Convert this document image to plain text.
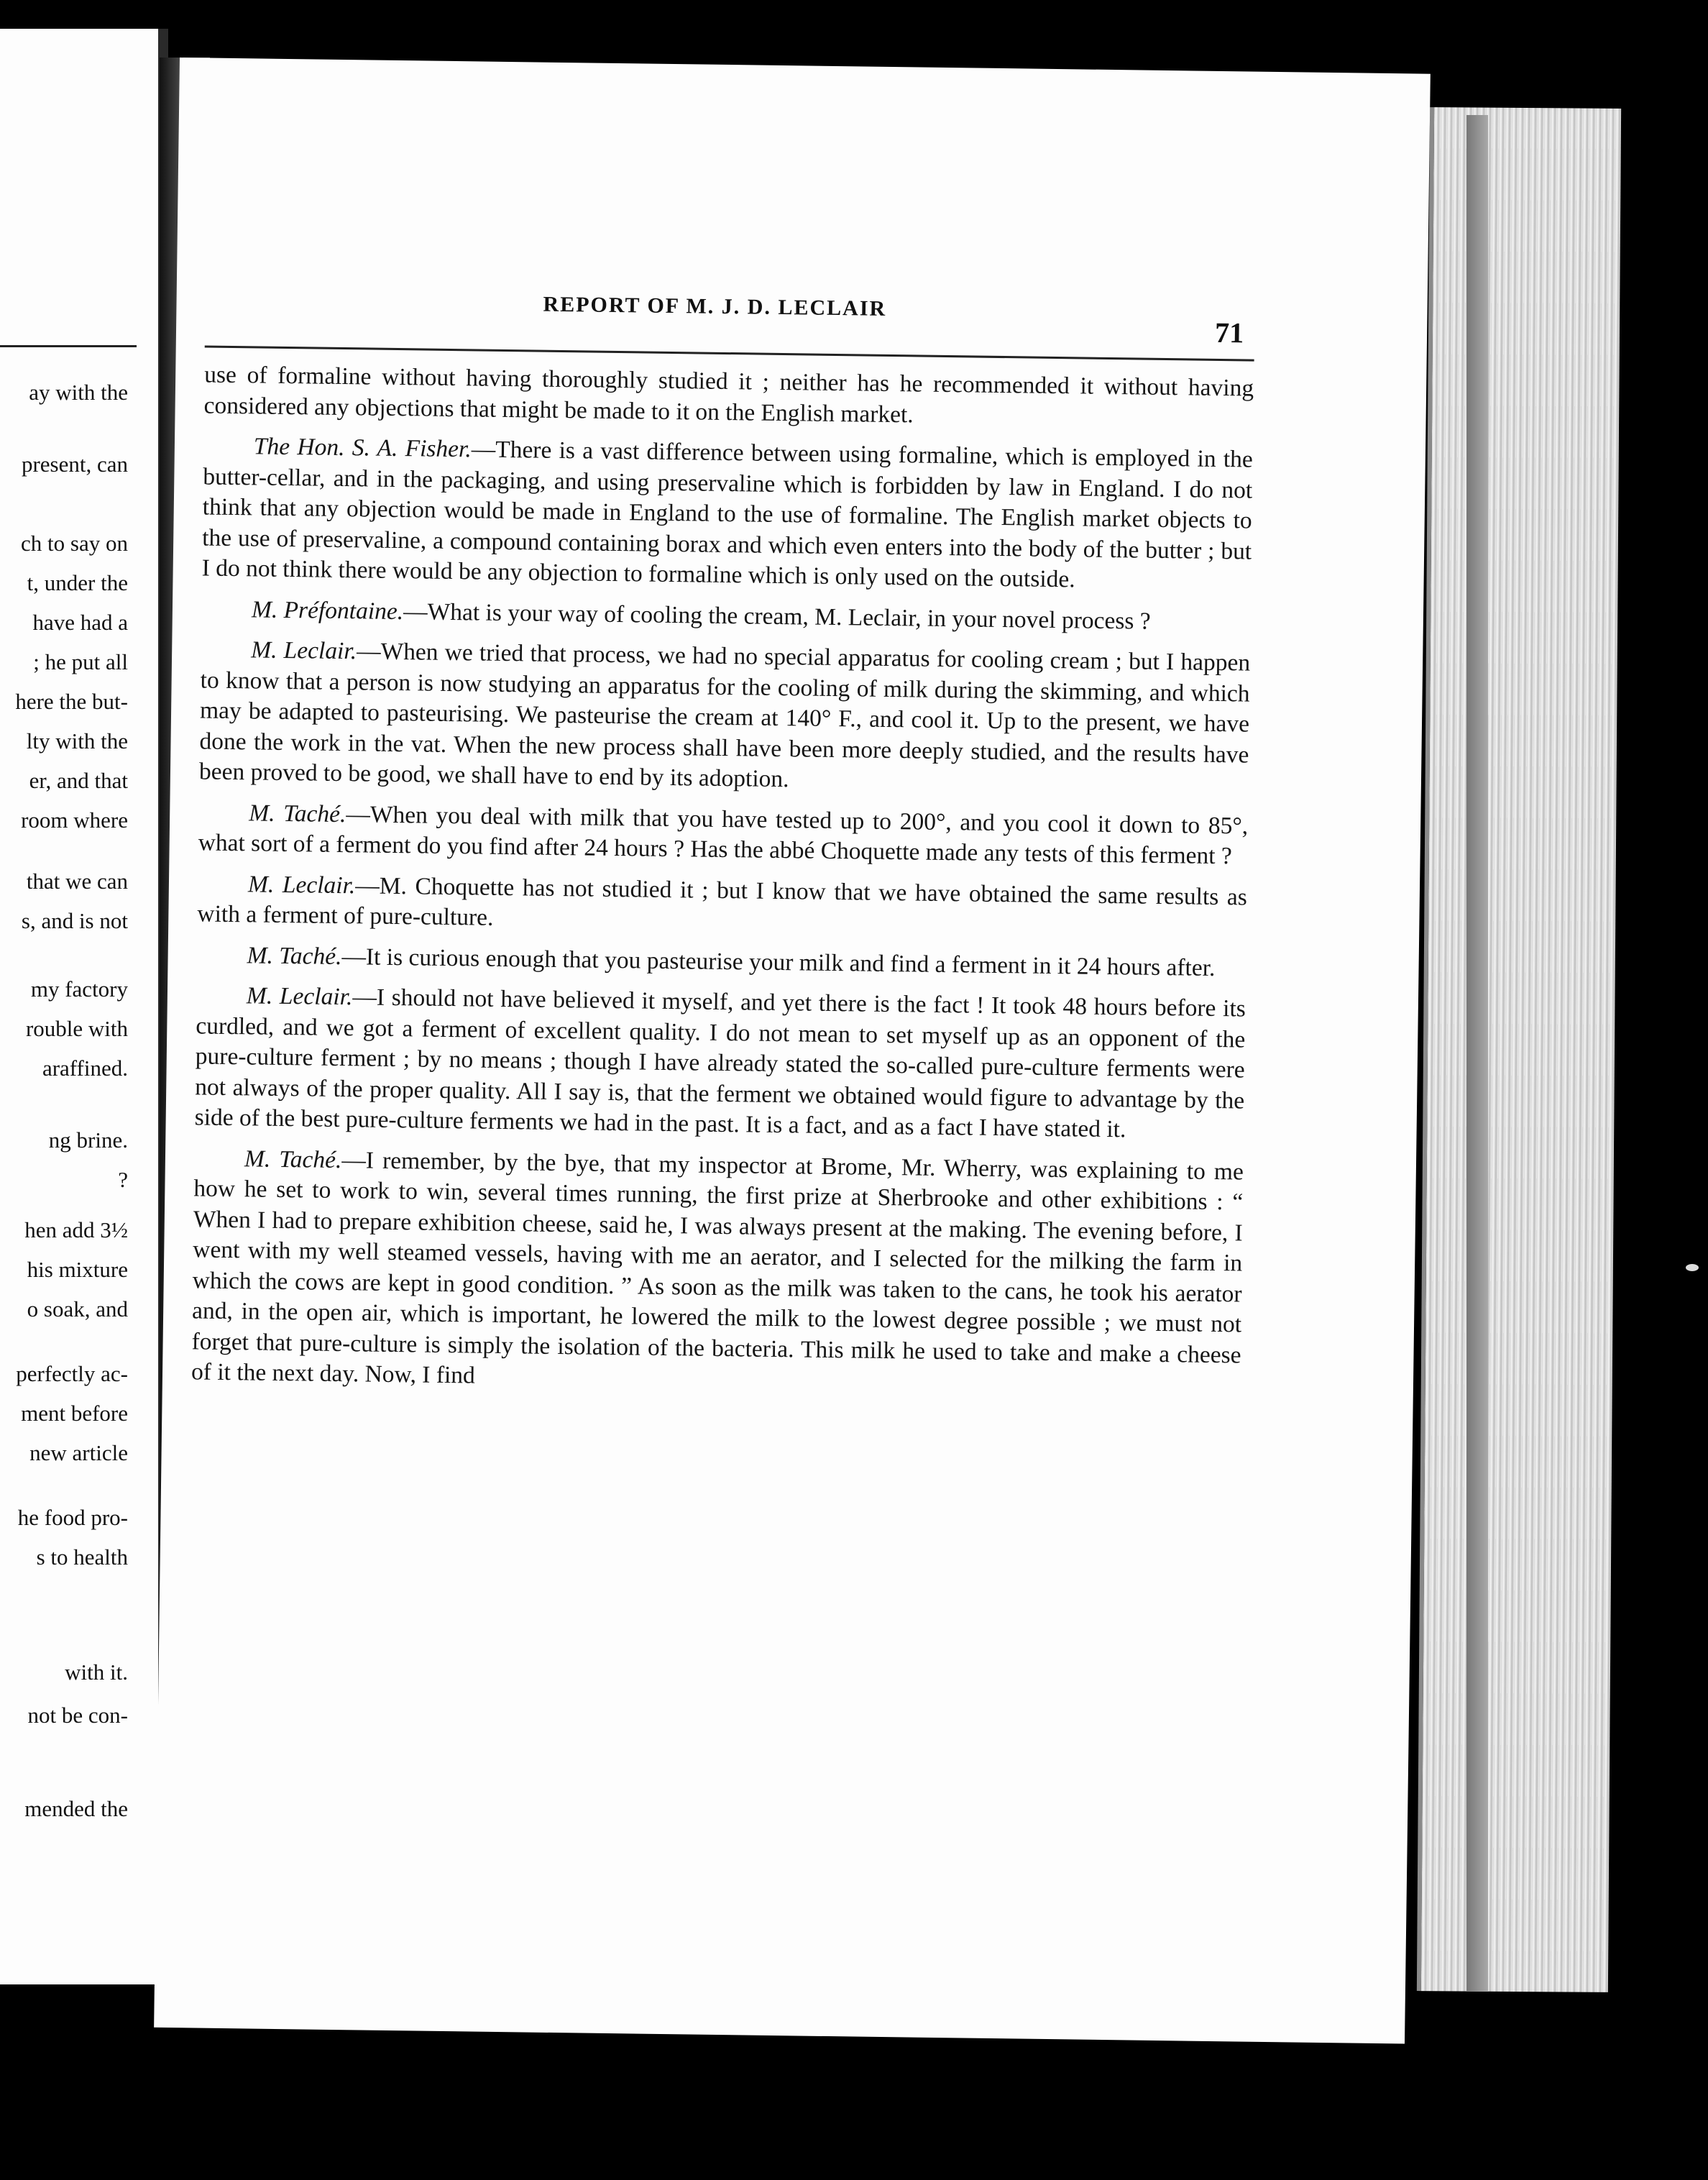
ay with the
present, can
ch to say on
t, under the
have had a
; he put all
here the but-
lty with the
er, and that
room where
that we can
s, and is not
my factory
rouble with
araffined.
ng brine.
?
hen add 3½
his mixture
o soak, and
perfectly ac-
ment before
new article
he food pro-
s to health
with it.
not be con-
mended the
REPORT OF M. J. D. LECLAIR
71

use of formaline without having thoroughly studied it ; neither has he recommended it without having considered any objections that might be made to it on the English market.

The Hon. S. A. Fisher.—There is a vast difference between using formaline, which is employed in the butter-cellar, and in the packaging, and using preservaline which is forbidden by law in England. I do not think that any objection would be made in England to the use of formaline. The English market objects to the use of preservaline, a compound containing borax and which even enters into the body of the butter ; but I do not think there would be any objection to formaline which is only used on the outside.

M. Préfontaine.—What is your way of cooling the cream, M. Leclair, in your novel process ?

M. Leclair.—When we tried that process, we had no special apparatus for cooling cream ; but I happen to know that a person is now studying an apparatus for the cooling of milk during the skimming, and which may be adapted to pasteurising. We pasteurise the cream at 140° F., and cool it. Up to the present, we have done the work in the vat. When the new process shall have been more deeply studied, and the results have been proved to be good, we shall have to end by its adoption.

M. Taché.—When you deal with milk that you have tested up to 200°, and you cool it down to 85°, what sort of a ferment do you find after 24 hours ? Has the abbé Choquette made any tests of this ferment ?

M. Leclair.—M. Choquette has not studied it ; but I know that we have obtained the same results as with a ferment of pure-culture.

M. Taché.—It is curious enough that you pasteurise your milk and find a ferment in it 24 hours after.

M. Leclair.—I should not have believed it myself, and yet there is the fact ! It took 48 hours before its curdled, and we got a ferment of excellent quality. I do not mean to set myself up as an opponent of the pure-culture ferment ; by no means ; though I have already stated the so-called pure-culture ferments were not always of the proper quality. All I say is, that the ferment we obtained would figure to advantage by the side of the best pure-culture ferments we had in the past. It is a fact, and as a fact I have stated it.

M. Taché.—I remember, by the bye, that my inspector at Brome, Mr. Wherry, was explaining to me how he set to work to win, several times running, the first prize at Sherbrooke and other exhibitions : “ When I had to prepare exhibition cheese, said he, I was always present at the making. The evening before, I went with my well steamed vessels, having with me an aerator, and I selected for the milking the farm in which the cows are kept in good condition. ” As soon as the milk was taken to the cans, he took his aerator and, in the open air, which is important, he lowered the milk to the lowest degree possible ; we must not forget that pure-culture is simply the isolation of the bacteria. This milk he used to take and make a cheese of it the next day. Now, I find
